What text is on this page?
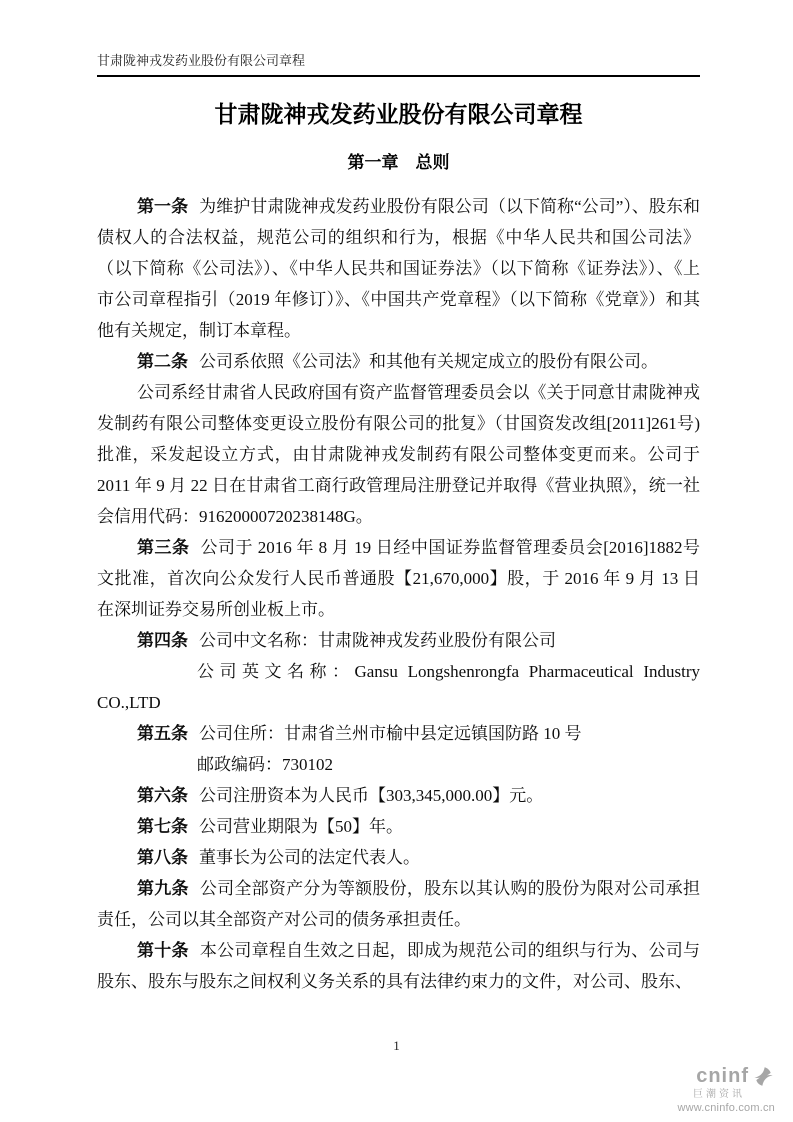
甘肃陇神戎发药业股份有限公司章程
甘肃陇神戎发药业股份有限公司章程
第一章　总则

第一条 为维护甘肃陇神戎发药业股份有限公司（以下简称“公司”）、股东和债权人的合法权益，规范公司的组织和行为，根据《中华人民共和国公司法》（以下简称《公司法》）、《中华人民共和国证券法》（以下简称《证券法》）、《上市公司章程指引（2019 年修订）》、《中国共产党章程》（以下简称《党章》）和其他有关规定，制订本章程。

第二条 公司系依照《公司法》和其他有关规定成立的股份有限公司。

公司系经甘肃省人民政府国有资产监督管理委员会以《关于同意甘肃陇神戎发制药有限公司整体变更设立股份有限公司的批复》（甘国资发改组[2011]261号)批准，采发起设立方式，由甘肃陇神戎发制药有限公司整体变更而来。公司于 2011 年 9 月 22 日在甘肃省工商行政管理局注册登记并取得《营业执照》，统一社会信用代码：91620000720238148G。

第三条 公司于 2016 年 8 月 19 日经中国证券监督管理委员会[2016]1882号文批准，首次向公众发行人民币普通股【21,670,000】股，于 2016 年 9 月 13 日在深圳证券交易所创业板上市。

第四条 公司中文名称：甘肃陇神戎发药业股份有限公司

公司英文名称：Gansu Longshenrongfa Pharmaceutical Industry CO.,LTD

第五条 公司住所：甘肃省兰州市榆中县定远镇国防路 10 号

邮政编码：730102

第六条 公司注册资本为人民币【303,345,000.00】元。

第七条 公司营业期限为【50】年。

第八条 董事长为公司的法定代表人。

第九条 公司全部资产分为等额股份，股东以其认购的股份为限对公司承担责任，公司以其全部资产对公司的债务承担责任。

第十条 本公司章程自生效之日起，即成为规范公司的组织与行为、公司与股东、股东与股东之间权利义务关系的具有法律约束力的文件，对公司、股东、

1
cninf
巨潮资讯
www.cninfo.com.cn
